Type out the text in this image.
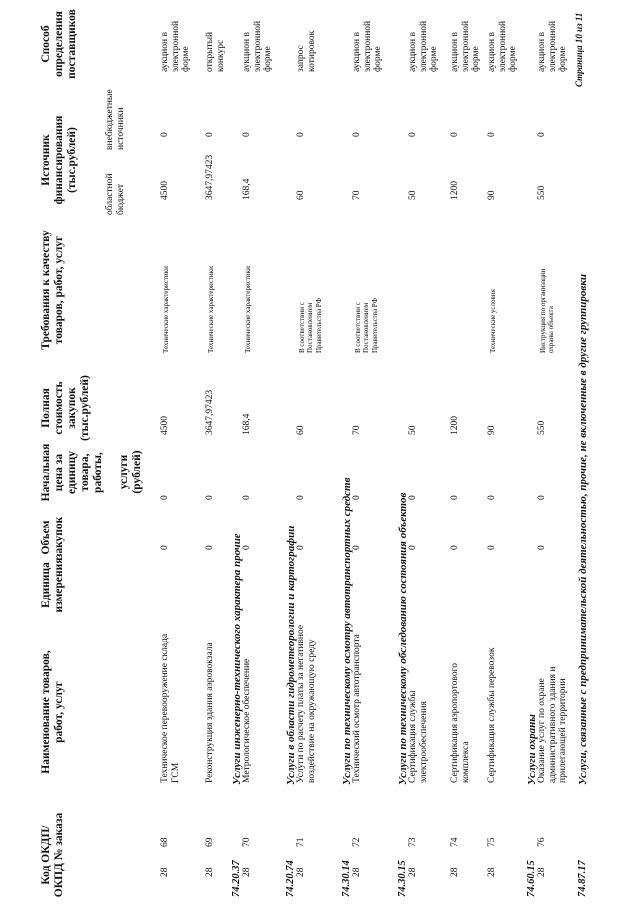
Код ОКДП/ ОКПД № заказа
Наименование товаров, работ, услуг
Единица измерения
Объем закупок
Начальная цена за единицу товара, работы, услуги (рублей)
Полная стоимость закупок (тыс.рублей)
Требования к качеству товаров, работ, услуг
Источник финансирования (тыс.рублей)
областной бюджет
внебюджетные источники
Способ определения поставщиков
28
68
Техническое перевооружение склада ГСМ
0
0
4500
Технические характеристики
4500
0
аукцион в электронной форме
28
69
Реконструкция здания аэровокзала
0
0
3647,97423
Технические характеристики
3647,97423
0
открытый конкурс
74.20.37
Услуги инженерно-технического характера прочие
28
70
Метрологическое обеспечение
0
0
168,4
Технические характеристики
168,4
0
аукцион в электронной форме
74.20.74
Услуги в области гидрометеорологии и картографии
28
71
Услуги по расчету платы за негативное воздействие на окружающую среду
0
0
60
В соответствии с Постановлением Правительства РФ
60
0
запрос котировок
74.30.14
Услуги по техническому осмотру автотранспортных средств
28
72
Технический осмотр автотранспорта
0
0
70
В соответствии с Постановлением Правительства РФ
70
0
аукцион в электронной форме
74.30.15
Услуги по техническому обследованию состояния объектов
28
73
Сертификация службы электрообеспечения
0
0
50
50
0
аукцион в электронной форме
28
74
Сертификация аэропортового комплекса
0
0
1200
1200
0
аукцион в электронной форме
28
75
Сертификация службы перевозок
0
0
90
Технические условия
90
0
аукцион в электронной форме
74.60.15
Услуги охраны
28
76
Оказание услуг по охране административного здания и прилегающей территории
0
0
550
Инструкция по организации охраны объекта
550
0
аукцион в электронной форме
74.87.17
Услуги, связанные с предпринимательской деятельностью, прочие, не включенные в другие группировки
Страница 10 из 11
